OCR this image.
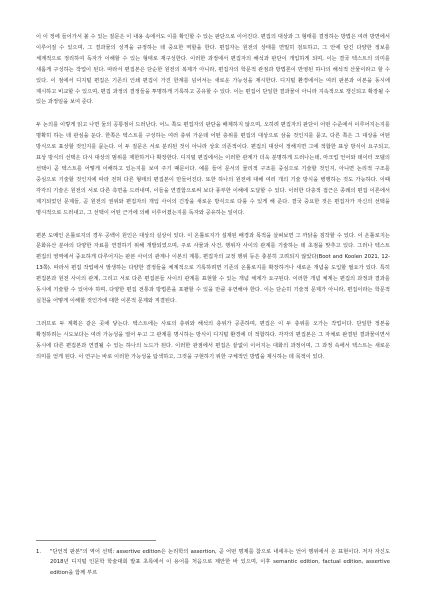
이 이 정에 들어가서 볼 수 있는 질문은 이 내용 속에서도 이를 확인할 수 있는 판단으로 이어진다. 편집의 대상과 그 형태를 결정하는 방법은 여러 방면에서 이루어질 수 있으며, 그 결과물의 성격을 규정하는 데 중요한 역할을 한다. 편집자는 원전의 상태를 면밀히 검토하고, 그 안에 담긴 다양한 정보를 체계적으로 정리하여 독자가 이해할 수 있는 형태로 재구성한다. 이러한 과정에서 편집자의 해석과 판단이 개입하게 되며, 이는 결국 텍스트의 의미를 새롭게 구성하는 작업이 된다. 따라서 편집본은 단순한 원전의 복제가 아니라, 편집자의 학문적 관점과 방법론이 반영된 하나의 해석적 산물이라고 할 수 있다. 이 점에서 디지털 편집은 기존의 인쇄 편집이 가진 한계를 넘어서는 새로운 가능성을 제시한다. 디지털 환경에서는 여러 판본과 이본을 동시에 제시하고 비교할 수 있으며, 편집 과정의 결정들을 투명하게 기록하고 공유할 수 있다. 이는 편집이 단일한 결과물이 아니라 지속적으로 갱신되고 확장될 수 있는 과정임을 보여 준다.

두 논의를 이렇게 읽고 나면 둘의 공통점이 드러난다. 어느 쪽도 편집자의 판단을 배제하지 않으며, 오히려 편집자의 판단이 어떤 수준에서 이루어지는지를 명확히 하는 데 관심을 둔다. 한쪽은 텍스트를 구성하는 여러 층위 가운데 어떤 층위를 편집의 대상으로 삼을 것인지를 묻고, 다른 쪽은 그 대상을 어떤 방식으로 표상할 것인지를 묻는다. 이 두 질문은 서로 분리된 것이 아니라 상호 의존적이다. 편집의 대상이 정해지면 그에 적합한 표상 방식이 요구되고, 표상 방식의 선택은 다시 대상의 범위를 제한하거나 확장한다. 디지털 편집에서는 이러한 관계가 더욱 분명하게 드러나는데, 마크업 언어와 데이터 모델의 선택이 곧 텍스트를 어떻게 이해하고 있는지를 보여 주기 때문이다. 예를 들어 문서의 물리적 구조를 중심으로 기술할 것인지, 아니면 논리적 구조를 중심으로 기술할 것인지에 따라 전혀 다른 형태의 편집본이 만들어진다. 또한 하나의 원전에 대해 여러 개의 기술 방식을 병행하는 것도 가능하다. 이때 각각의 기술은 원전의 서로 다른 측면을 드러내며, 이들을 연결함으로써 보다 풍부한 이해에 도달할 수 있다. 이러한 다층적 접근은 종래의 편집 이론에서 제기되었던 문제들, 곧 원전의 권위와 편집자의 개입 사이의 긴장을 새로운 방식으로 다룰 수 있게 해 준다. 결국 중요한 것은 편집자가 자신의 선택을 명시적으로 드러내고, 그 선택이 어떤 근거에 의해 이루어졌는지를 독자와 공유하는 일이다.

편본 도메인 온톨로지의 경우 공백이 원인은 대상의 실상이 있다. 이 온톨로지가 설계된 배경과 목적을 살펴보면 그 까닭을 짐작할 수 있다. 이 온톨로지는 문화유산 분야의 다양한 자료를 연결하기 위해 개발되었으며, 주로 사물과 사건, 행위자 사이의 관계를 기술하는 데 초점을 맞추고 있다. 그러나 텍스트 편집의 영역에서 중요하게 다루어지는 판본 사이의 관계나 이본의 계통, 편집자의 교정 행위 등은 충분히 고려되지 않았다(Boot and Koolen 2021, 12-13쪽). 따라서 편집 작업에서 발생하는 다양한 결정들을 체계적으로 기록하려면 기존의 온톨로지를 확장하거나 새로운 개념을 도입할 필요가 있다. 특히 편집본과 원전 사이의 관계, 그리고 서로 다른 편집본들 사이의 관계를 표현할 수 있는 개념 체계가 요구된다. 이러한 개념 체계는 편집의 과정과 결과를 동시에 기술할 수 있어야 하며, 다양한 편집 전통과 방법론을 포괄할 수 있을 만큼 유연해야 한다. 이는 단순히 기술적 문제가 아니라, 편집이라는 학문적 실천을 어떻게 이해할 것인가에 대한 이론적 문제와 직결된다.

그러므로 두 계획은 같은 곳에 닿는다. 텍스트에는 사료의 층위와 해석의 층위가 공존하며, 편집은 이 두 층위를 오가는 작업이다. 단일한 정본을 확정하려는 시도보다는 여러 가능성을 열어 두고 그 관계를 명시하는 방식이 디지털 환경에 더 적합하다. 각각의 편집본은 그 자체로 완결된 결과물이면서 동시에 다른 편집본과 연결될 수 있는 하나의 노드가 된다. 이러한 관점에서 편집은 끝없이 이어지는 대화의 과정이며, 그 과정 속에서 텍스트는 새로운 의미를 얻게 된다. 이 연구는 바로 이러한 가능성을 탐색하고, 그것을 구현하기 위한 구체적인 방법을 제시하는 데 목적이 있다.

1.	"단언적 판본"의 역어 선택: assertive edition은 논리학의 assertion, 곧 어떤 명제를 참으로 내세우는 언어 행위에서 온 표현이다. 저자 자신도 2018년 디지털 인문학 학술대회 발표 초록에서 이 용어를 처음으로 제안한 바 있으며, 이후 semantic edition, factual edition, assertive edition을 함께 부르
